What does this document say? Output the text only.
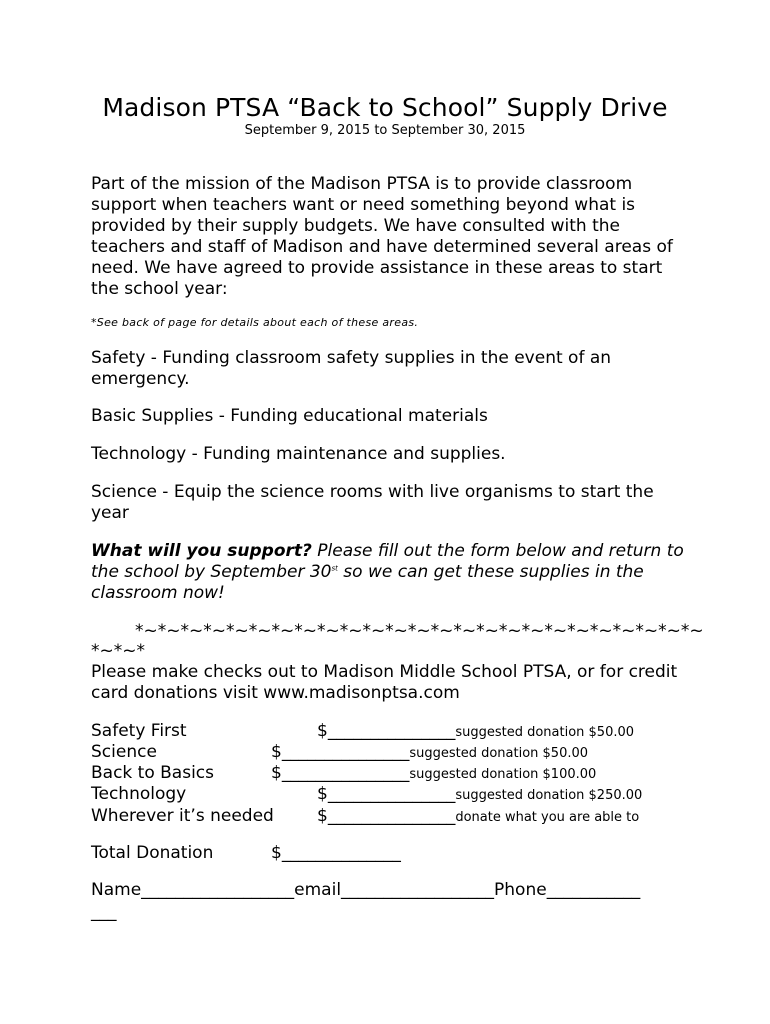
Madison PTSA “Back to School” Supply Drive
September 9, 2015 to September 30, 2015
Part of the mission of the Madison PTSA is to provide classroom support when teachers want or need something beyond what is provided by their supply budgets. We have consulted with the teachers and staff of Madison and have determined several areas of need. We have agreed to provide assistance in these areas to start the school year:
*See back of page for details about each of these areas.
Safety - Funding classroom safety supplies in the event of an emergency.
Basic Supplies - Funding educational materials
Technology - Funding maintenance and supplies.
Science - Equip the science rooms with live organisms to start the year
What will you support? Please fill out the form below and return to the school by September 30st so we can get these supplies in the classroom now!
*~*~*~*~*~*~*~*~*~*~*~*~*~*~*~*~*~*~*~*~*~*~*~*~*~
*~*~*
Please make checks out to Madison Middle School PTSA, or for credit card donations visit www.madisonptsa.com
Safety First	$_______________suggested donation $50.00
Science	$_______________suggested donation $50.00
Back to Basics	$_______________suggested donation $100.00
Technology	$_______________suggested donation $250.00
Wherever it’s needed	$_______________donate what you are able to
Total Donation	$______________
Name__________________email__________________Phone___________
___
